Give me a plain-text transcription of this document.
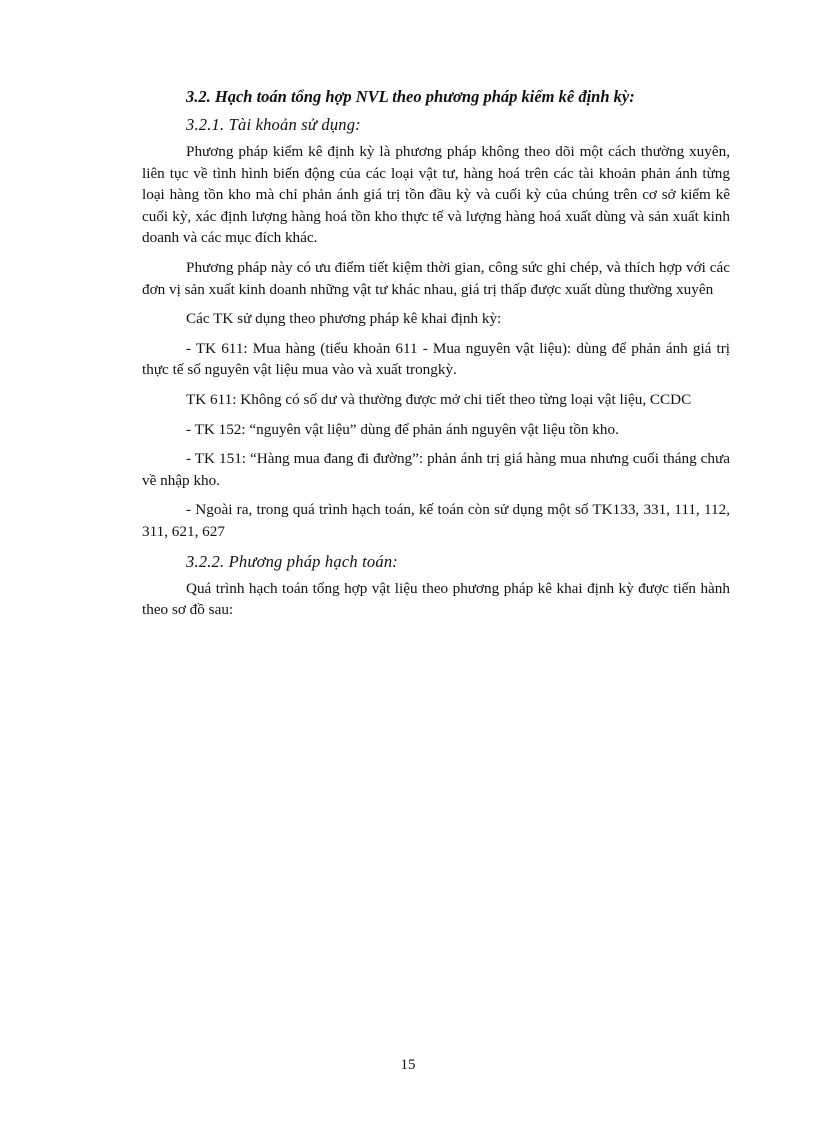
3.2. Hạch toán tổng hợp NVL theo phương pháp kiểm kê định kỳ:

3.2.1. Tài khoản sử dụng:

Phương pháp kiểm kê định kỳ là phương pháp không theo dõi một cách thường xuyên, liên tục về tình hình biến động của các loại vật tư, hàng hoá trên các tài khoản phản ánh từng loại hàng tồn kho mà chỉ phản ánh giá trị tồn đầu kỳ và cuối kỳ của chúng trên cơ sở kiểm kê cuối kỳ, xác định lượng hàng hoá tồn kho thực tế và lượng hàng hoá xuất dùng và sản xuất kinh doanh và các mục đích khác.

Phương pháp này có ưu điểm tiết kiệm thời gian, công sức ghi chép, và thích hợp với các đơn vị sản xuất kinh doanh những vật tư khác nhau, giá trị thấp được xuất dùng thường xuyên

Các TK sử dụng theo phương pháp kê khai định kỳ:

- TK 611: Mua hàng (tiểu khoản 611 - Mua nguyên vật liệu): dùng để phản ánh giá trị thực tế số nguyên vật liệu mua vào và xuất trongkỳ.

TK 611: Không có số dư và thường được mở chi tiết theo từng loại vật liệu, CCDC

- TK 152: “nguyên vật liệu” dùng để phản ánh nguyên vật liệu tồn kho.

- TK 151: “Hàng mua đang đi đường”: phản ánh trị giá hàng mua nhưng cuối tháng chưa về nhập kho.

- Ngoài ra, trong quá trình hạch toán, kế toán còn sử dụng một số TK133, 331, 111, 112, 311, 621, 627

3.2.2. Phương pháp hạch toán:

Quá trình hạch toán tổng hợp vật liệu theo phương pháp kê khai định kỳ được tiến hành theo sơ đồ sau:

15
